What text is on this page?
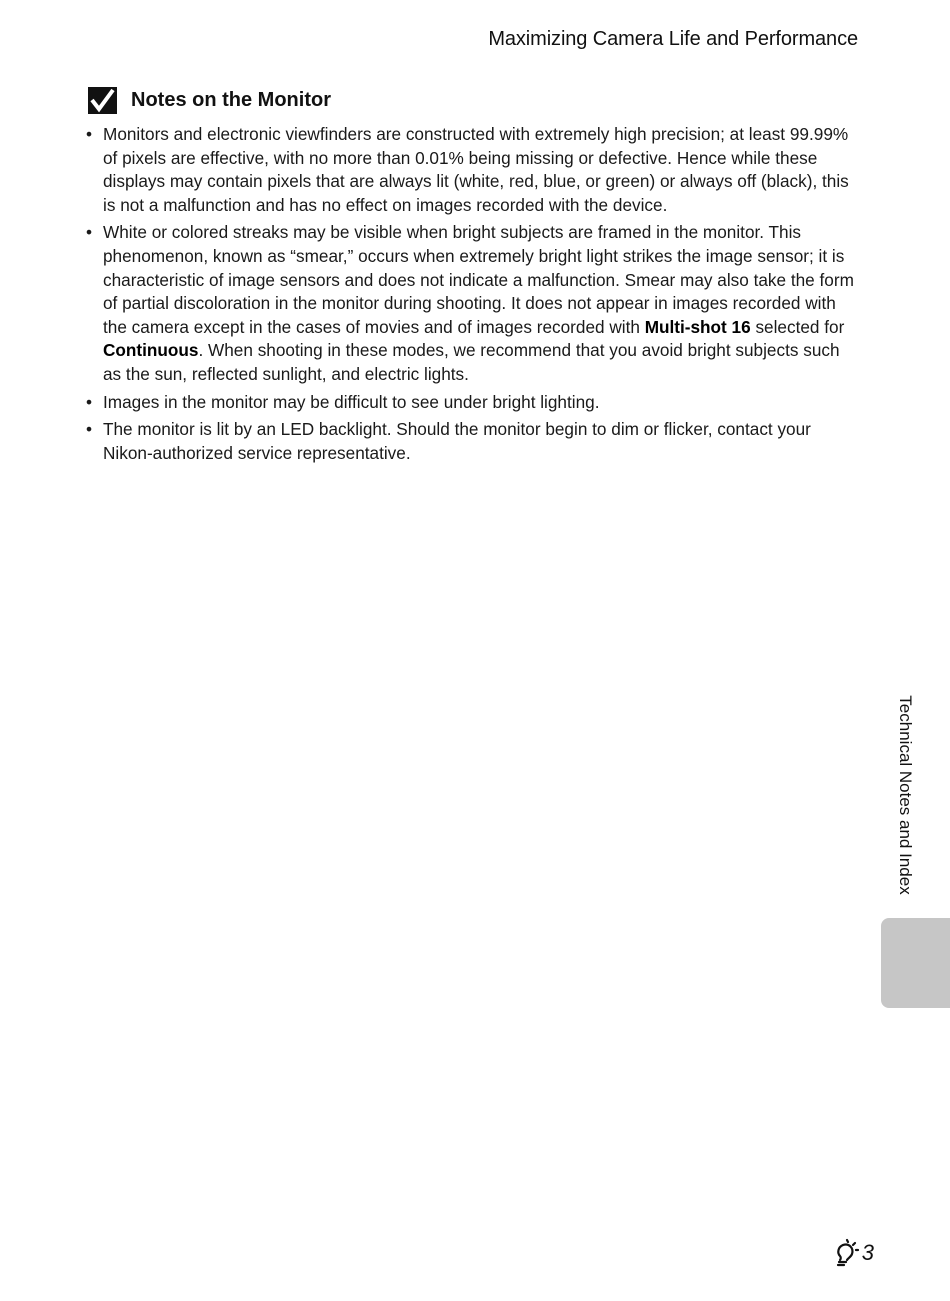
Maximizing Camera Life and Performance
Notes on the Monitor
• Monitors and electronic viewfinders are constructed with extremely high precision; at least 99.99% of pixels are effective, with no more than 0.01% being missing or defective. Hence while these displays may contain pixels that are always lit (white, red, blue, or green) or always off (black), this is not a malfunction and has no effect on images recorded with the device.
• White or colored streaks may be visible when bright subjects are framed in the monitor. This phenomenon, known as “smear,” occurs when extremely bright light strikes the image sensor; it is characteristic of image sensors and does not indicate a malfunction. Smear may also take the form of partial discoloration in the monitor during shooting. It does not appear in images recorded with the camera except in the cases of movies and of images recorded with Multi-shot 16 selected for Continuous. When shooting in these modes, we recommend that you avoid bright subjects such as the sun, reflected sunlight, and electric lights.
• Images in the monitor may be difficult to see under bright lighting.
• The monitor is lit by an LED backlight. Should the monitor begin to dim or flicker, contact your Nikon-authorized service representative.
Technical Notes and Index
3
